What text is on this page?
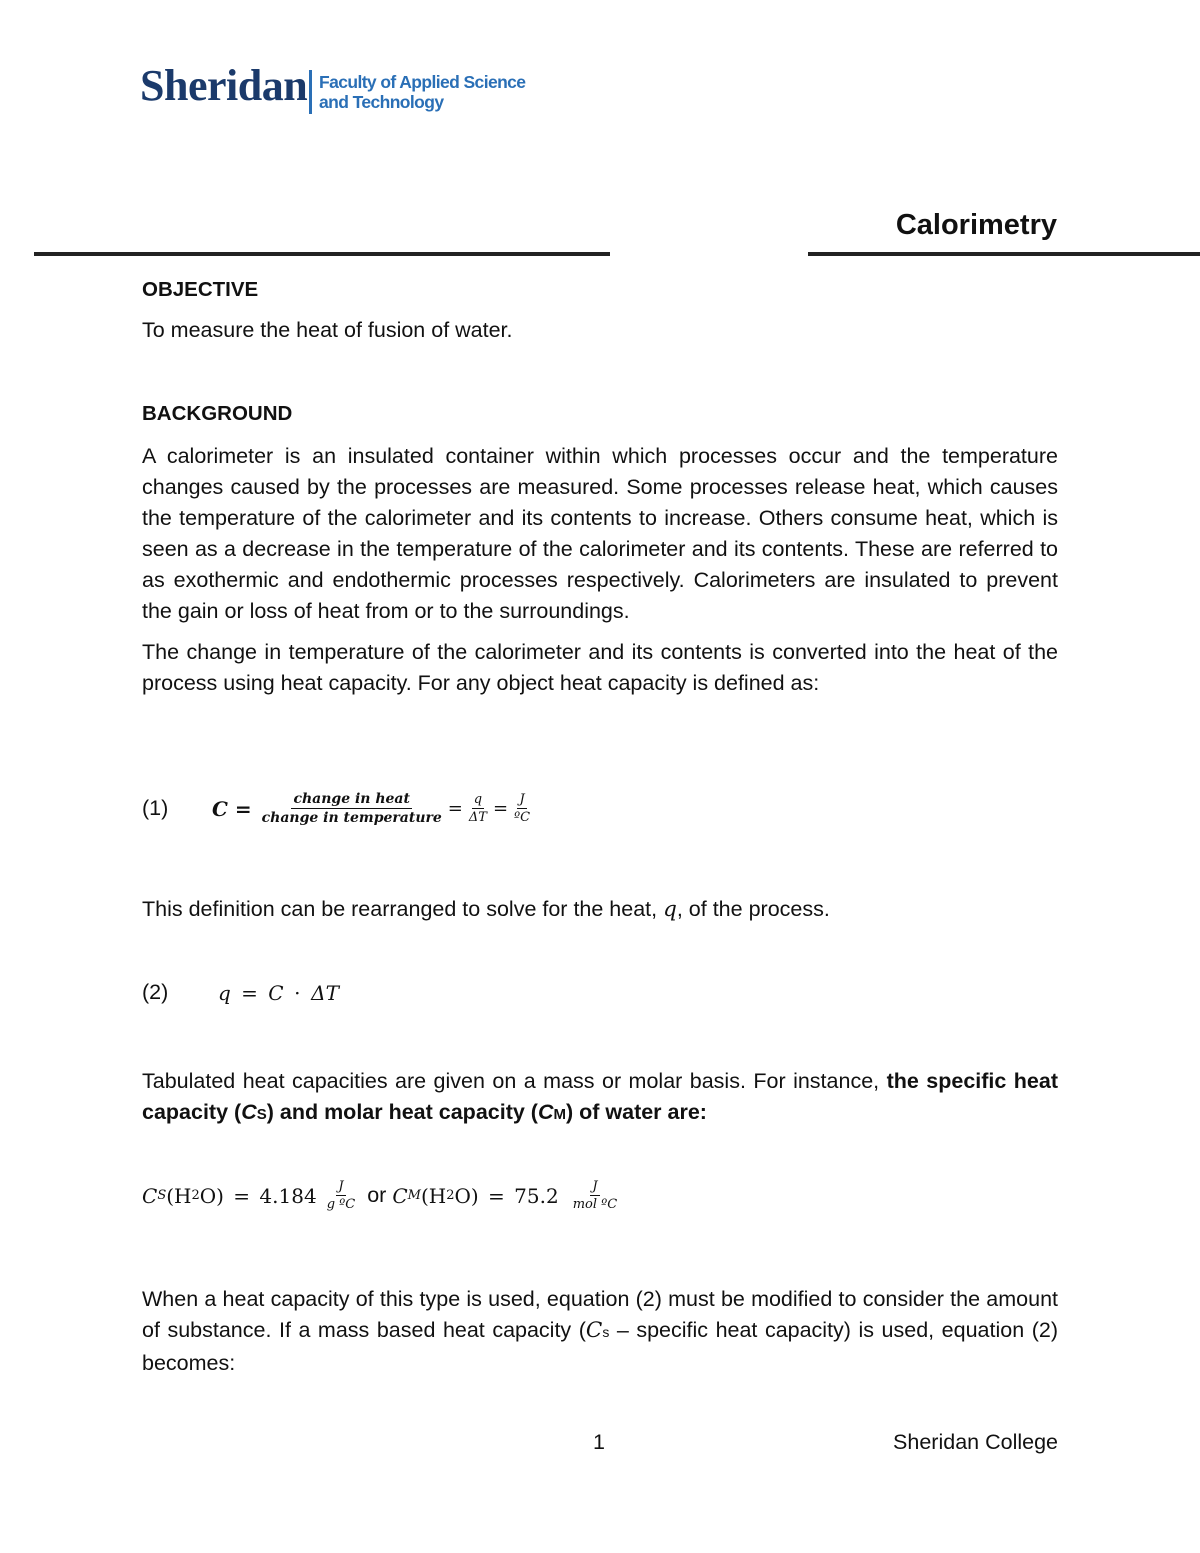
Sheridan Faculty of Applied Science
and Technology
Calorimetry

OBJECTIVE

To measure the heat of fusion of water.

BACKGROUND

A calorimeter is an insulated container within which processes occur and the temperature changes caused by the processes are measured. Some processes release heat, which causes the temperature of the calorimeter and its contents to increase. Others consume heat, which is seen as a decrease in the temperature of the calorimeter and its contents. These are referred to as exothermic and endothermic processes respectively. Calorimeters are insulated to prevent the gain or loss of heat from or to the surroundings.

The change in temperature of the calorimeter and its contents is converted into the heat of the process using heat capacity. For any object heat capacity is defined as:

(1)	$C = \frac{\text{change in heat}}{\text{change in temperature}} = \frac{q}{\Delta T} = \frac{J}{\text{ºC}}$

This definition can be rearranged to solve for the heat, q, of the process.

(2)	q = C ⋅ ΔT

Tabulated heat capacities are given on a mass or molar basis. For instance, the specific heat capacity (CS) and molar heat capacity (CM) of water are:

C S (H 2 $O) = 4.184 \frac{J}{\text{g ºC}}$ or C M (H 2 $O) = 75.2 \frac{J}{\text{mol ºC}}$

When a heat capacity of this type is used, equation (2) must be modified to consider the amount of substance. If a mass based heat capacity (Cs – specific heat capacity) is used, equation (2) becomes:

1	Sheridan College
